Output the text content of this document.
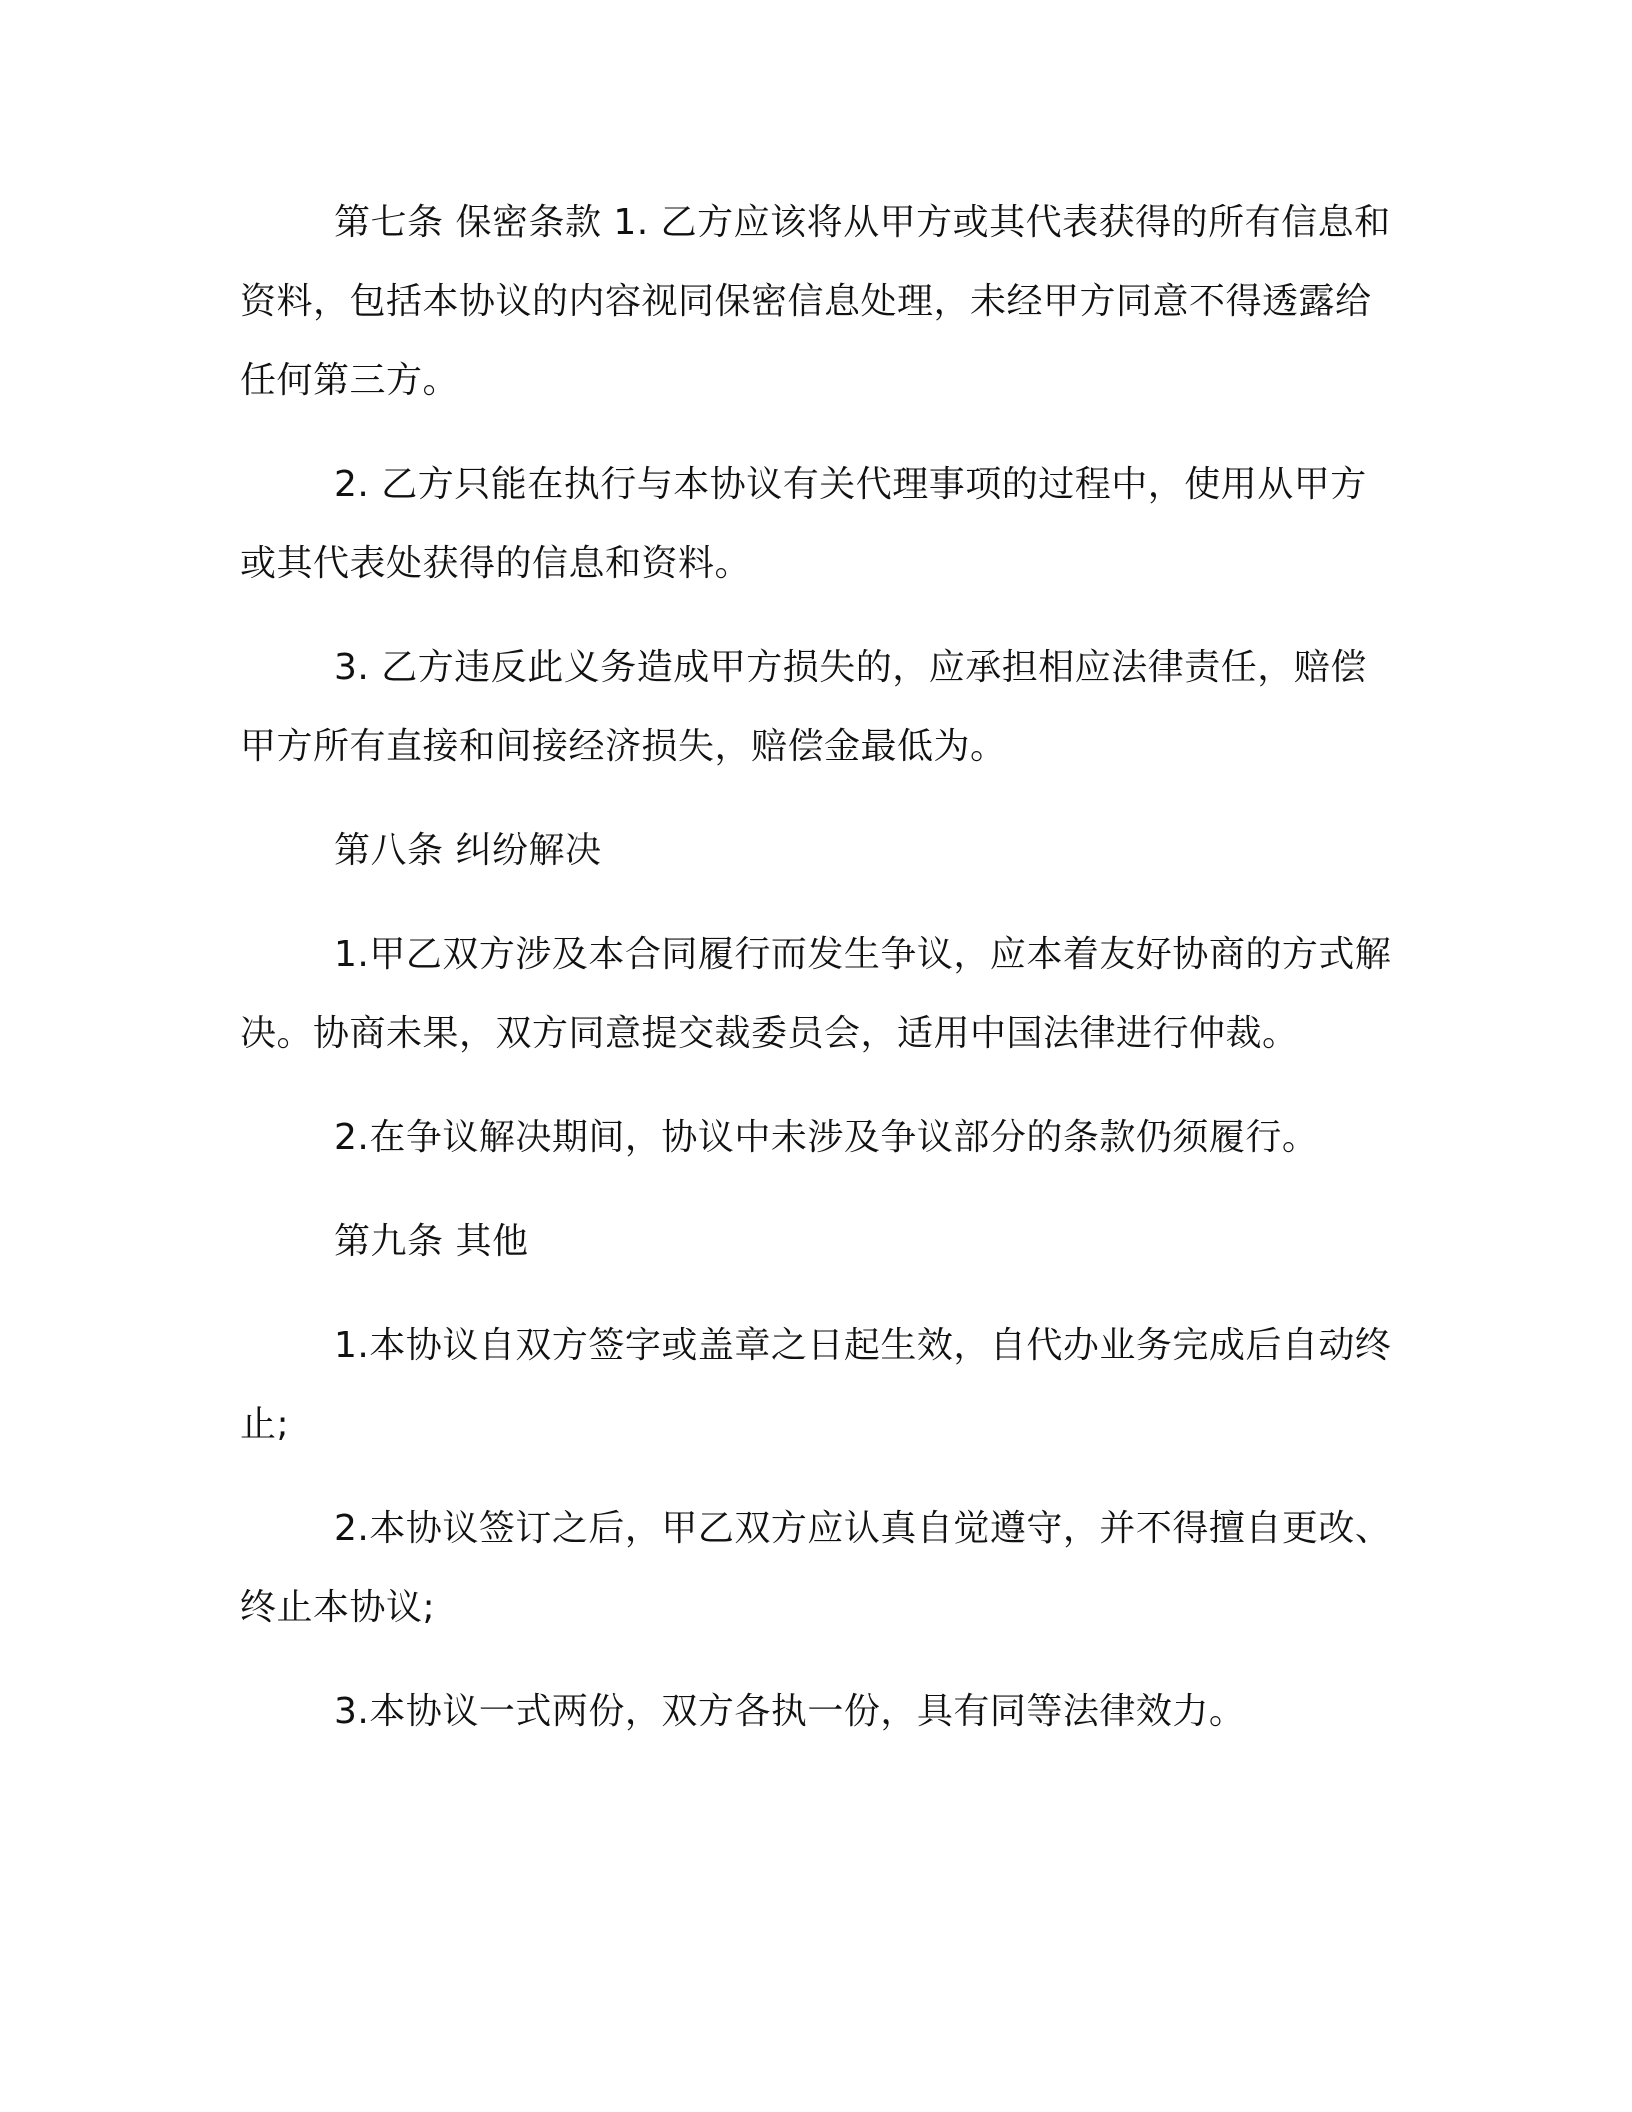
第七条 保密条款 1. 乙方应该将从甲方或其代表获得的所有信息和资料，包括本协议的内容视同保密信息处理，未经甲方同意不得透露给任何第三方。

2. 乙方只能在执行与本协议有关代理事项的过程中，使用从甲方或其代表处获得的信息和资料。

3. 乙方违反此义务造成甲方损失的，应承担相应法律责任，赔偿甲方所有直接和间接经济损失，赔偿金最低为。

第八条 纠纷解决

1.甲乙双方涉及本合同履行而发生争议，应本着友好协商的方式解决。协商未果，双方同意提交裁委员会，适用中国法律进行仲裁。

2.在争议解决期间，协议中未涉及争议部分的条款仍须履行。

第九条 其他

1.本协议自双方签字或盖章之日起生效，自代办业务完成后自动终止;

2.本协议签订之后，甲乙双方应认真自觉遵守，并不得擅自更改、终止本协议;

3.本协议一式两份，双方各执一份，具有同等法律效力。
